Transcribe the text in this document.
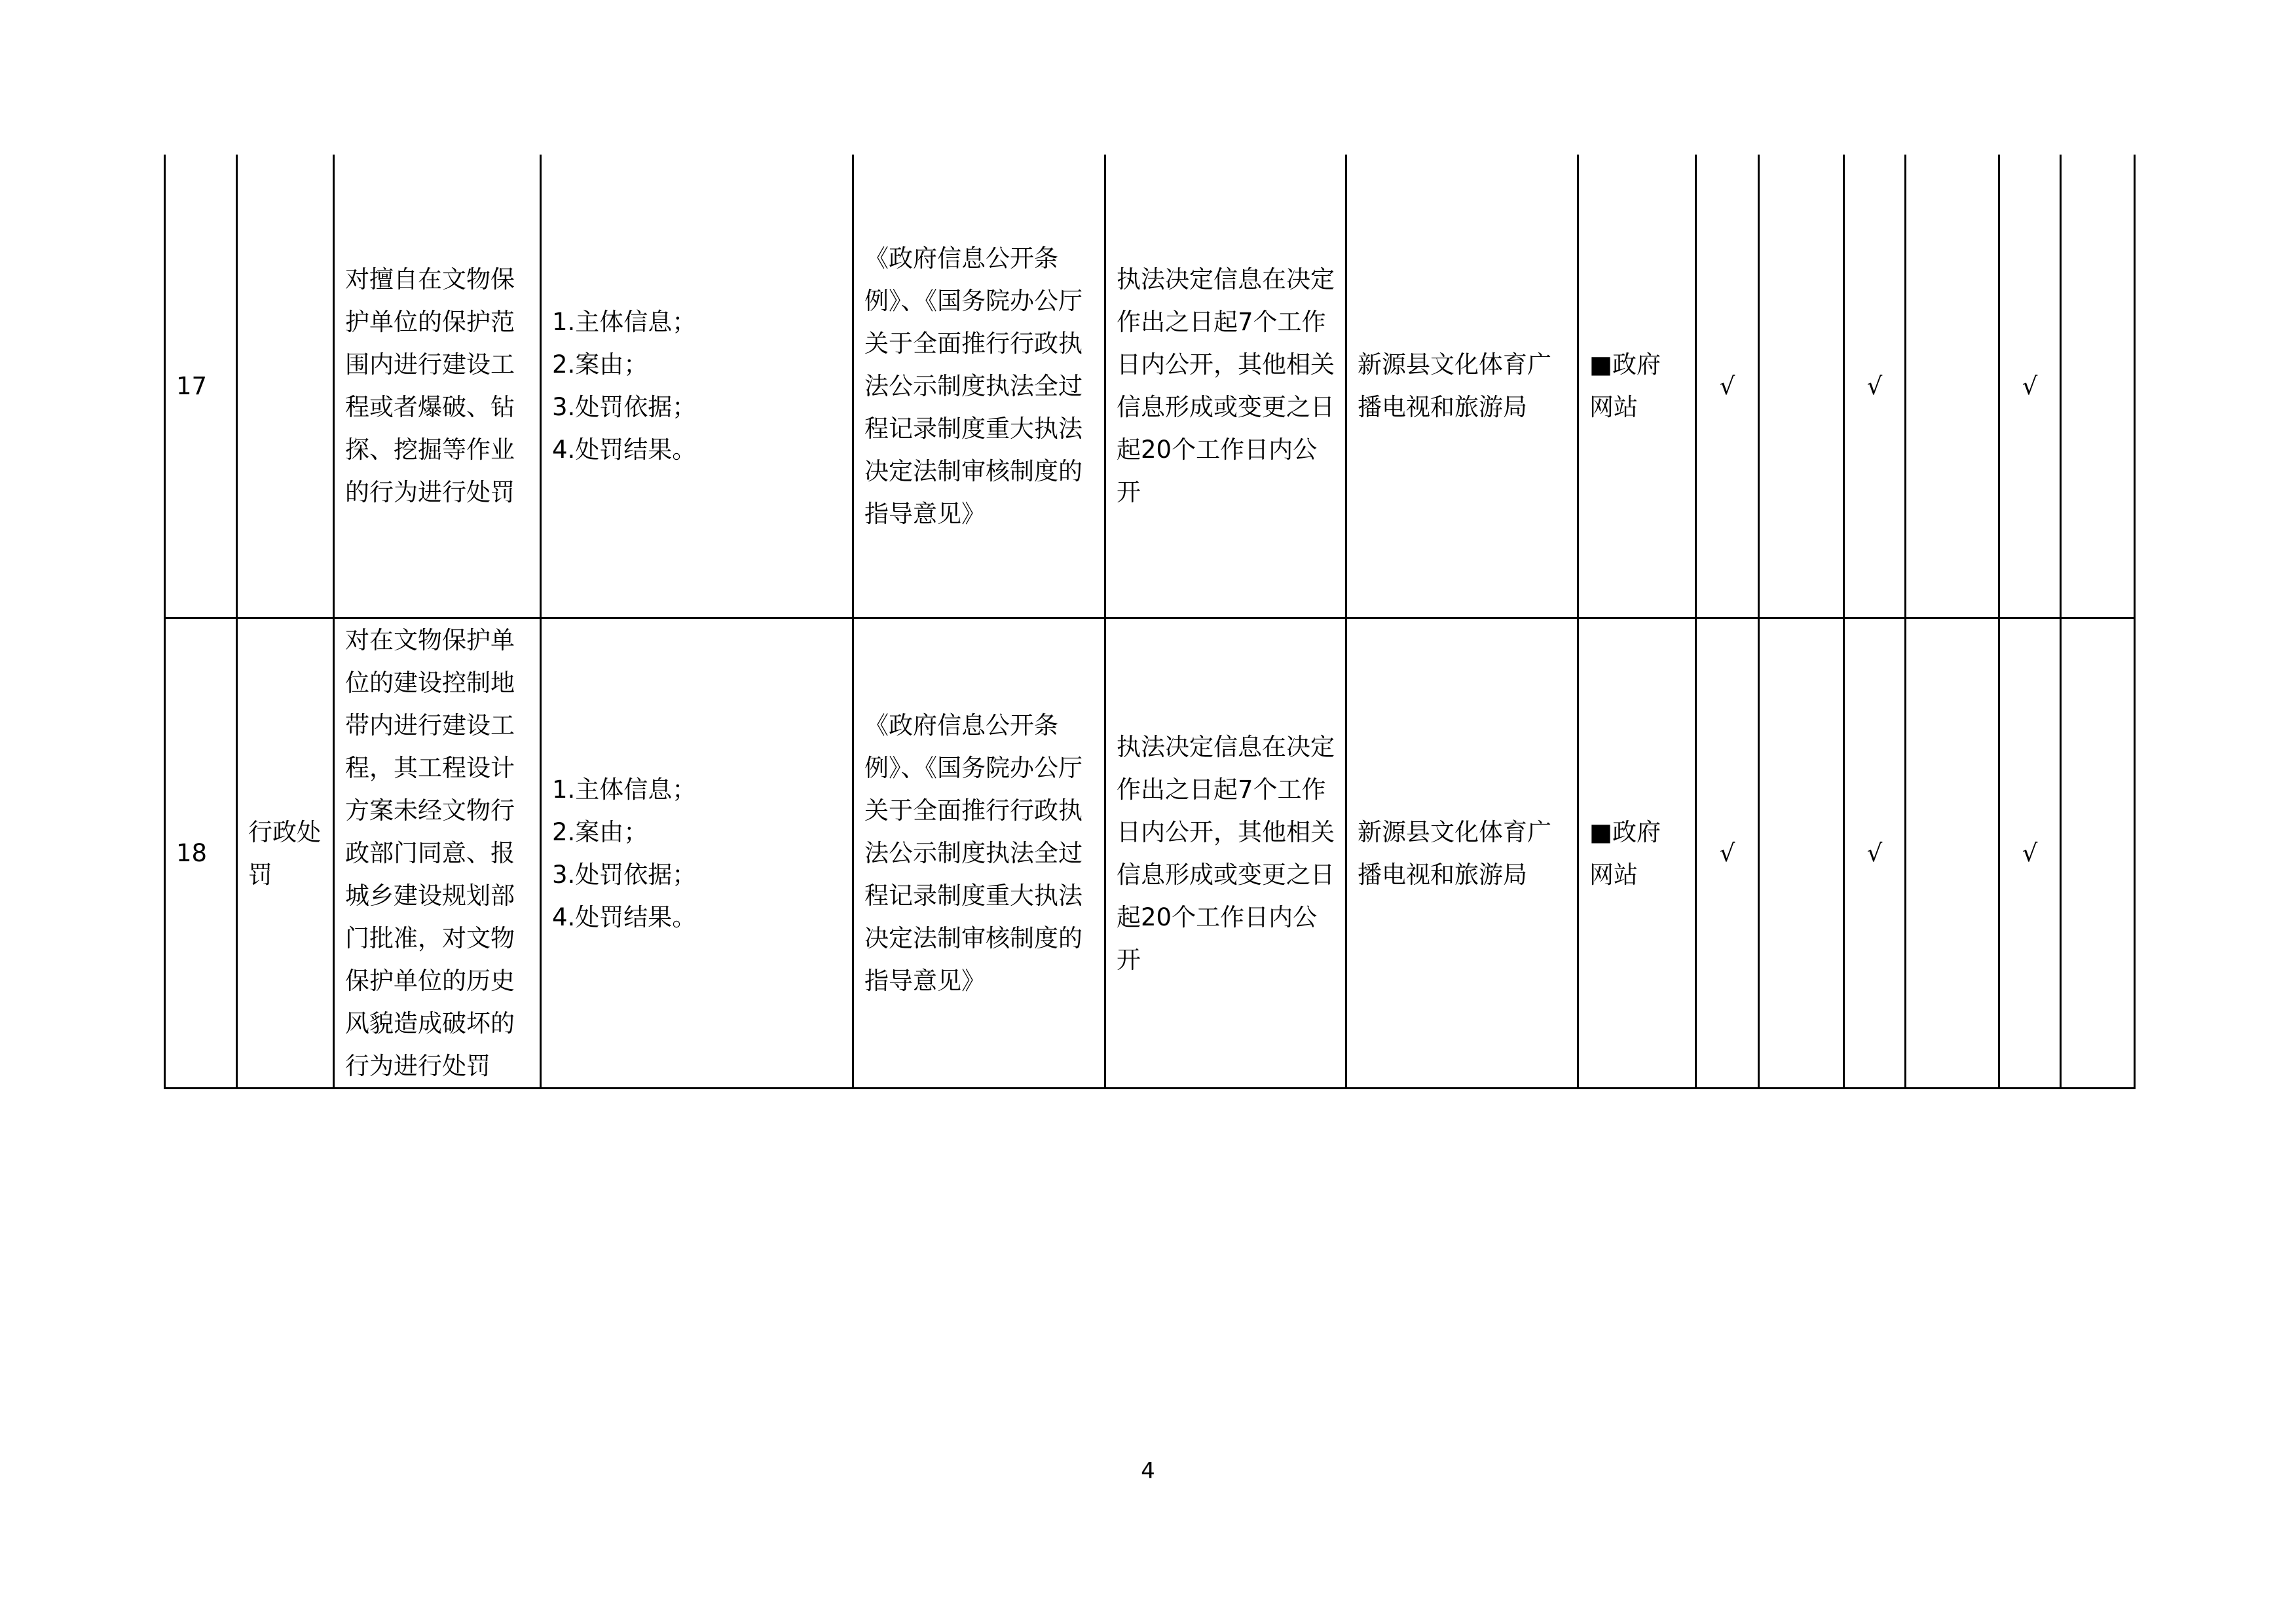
17		对擅自在文物保护单位的保护范围内进行建设工程或者爆破、钻探、挖掘等作业的行为进行处罚	1.主体信息；
2.案由；
3.处罚依据；
4.处罚结果。	《政府信息公开条例》、《国务院办公厅关于全面推行行政执法公示制度执法全过程记录制度重大执法决定法制审核制度的指导意见》	执法决定信息在决定作出之日起7个工作日内公开，其他相关信息形成或变更之日起20个工作日内公开	新源县文化体育广播电视和旅游局	■政府网站	√		√		√	
18	行政处罚	对在文物保护单位的建设控制地带内进行建设工程，其工程设计方案未经文物行政部门同意、报城乡建设规划部门批准，对文物保护单位的历史风貌造成破坏的行为进行处罚	1.主体信息；
2.案由；
3.处罚依据；
4.处罚结果。	《政府信息公开条例》、《国务院办公厅关于全面推行行政执法公示制度执法全过程记录制度重大执法决定法制审核制度的指导意见》	执法决定信息在决定作出之日起7个工作日内公开，其他相关信息形成或变更之日起20个工作日内公开	新源县文化体育广播电视和旅游局	■政府网站	√		√		√	
4
